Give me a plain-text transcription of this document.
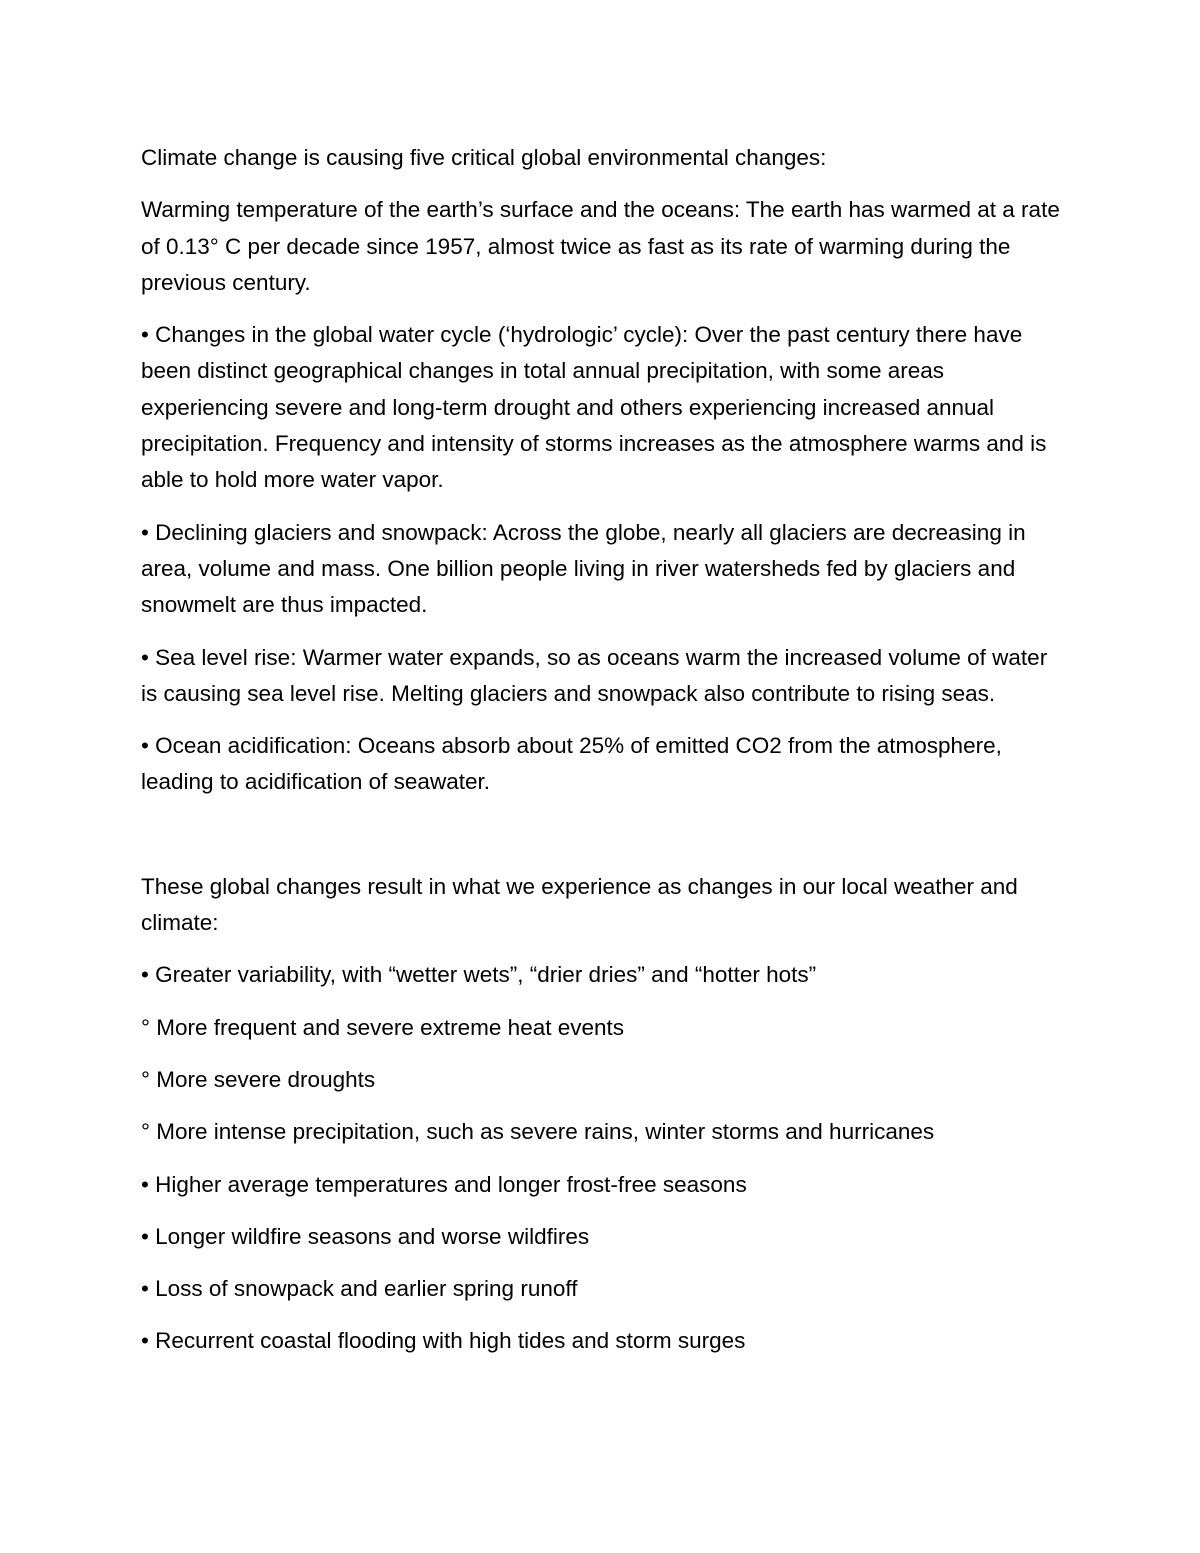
Climate change is causing five critical global environmental changes:

Warming temperature of the earth’s surface and the oceans: The earth has warmed at a rate of 0.13° C per decade since 1957, almost twice as fast as its rate of warming during the previous century.

• Changes in the global water cycle (‘hydrologic’ cycle): Over the past century there have been distinct geographical changes in total annual precipitation, with some areas experiencing severe and long-term drought and others experiencing increased annual precipitation. Frequency and intensity of storms increases as the atmosphere warms and is able to hold more water vapor.

• Declining glaciers and snowpack: Across the globe, nearly all glaciers are decreasing in area, volume and mass. One billion people living in river watersheds fed by glaciers and snowmelt are thus impacted.

• Sea level rise: Warmer water expands, so as oceans warm the increased volume of water is causing sea level rise. Melting glaciers and snowpack also contribute to rising seas.

• Ocean acidification: Oceans absorb about 25% of emitted CO2 from the atmosphere, leading to acidification of seawater.

These global changes result in what we experience as changes in our local weather and climate:

• Greater variability, with “wetter wets”, “drier dries” and “hotter hots”

° More frequent and severe extreme heat events

° More severe droughts

° More intense precipitation, such as severe rains, winter storms and hurricanes

• Higher average temperatures and longer frost-free seasons

• Longer wildfire seasons and worse wildfires

• Loss of snowpack and earlier spring runoff

• Recurrent coastal flooding with high tides and storm surges
